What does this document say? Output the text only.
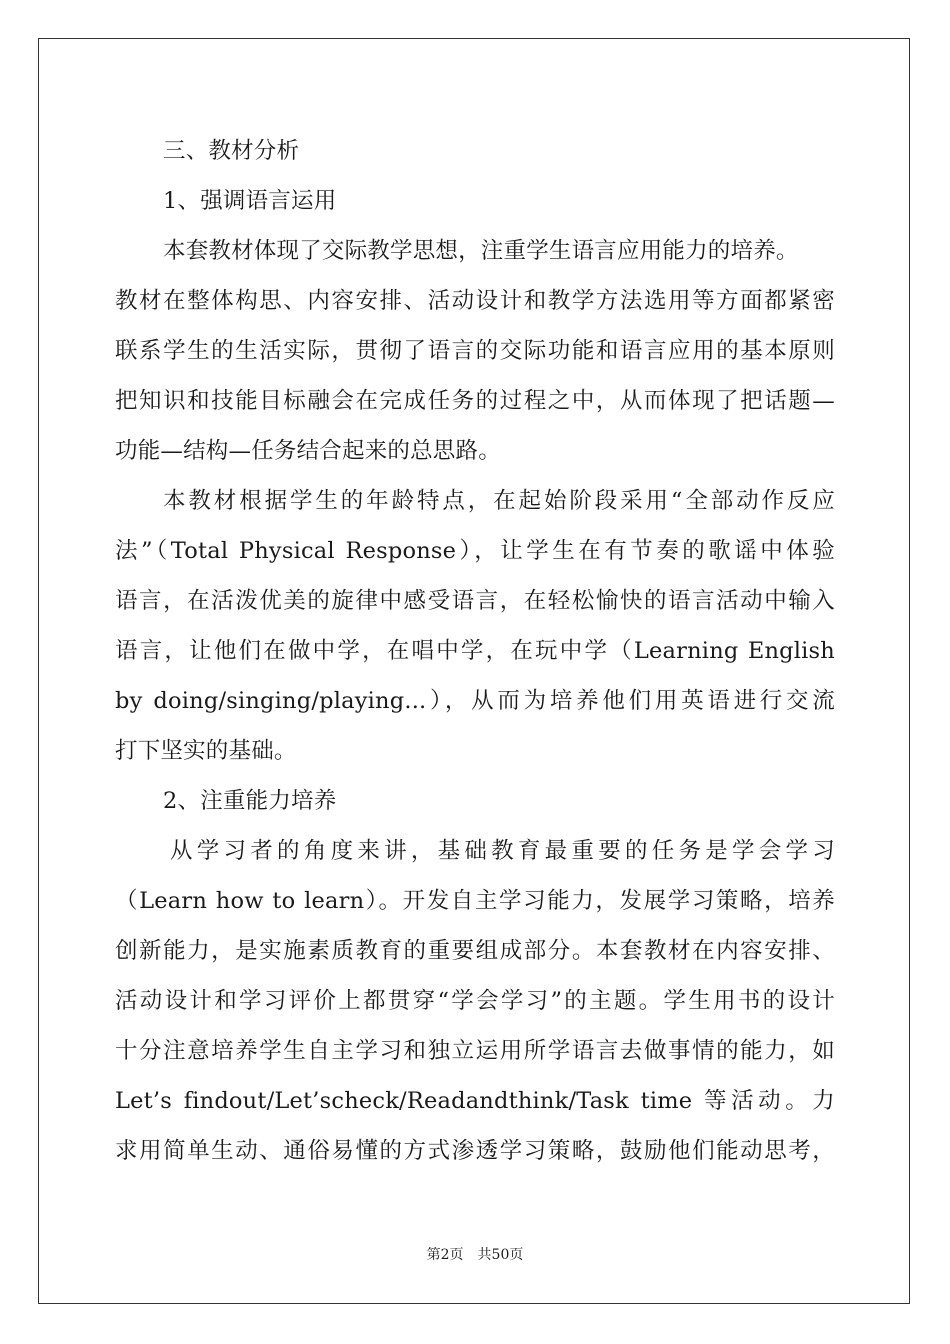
三、教材分析
1、强调语言运用
本套教材体现了交际教学思想，注重学生语言应用能力的培养。
教材在整体构思、内容安排、活动设计和教学方法选用等方面都紧密
联系学生的生活实际，贯彻了语言的交际功能和语言应用的基本原则
把知识和技能目标融会在完成任务的过程之中，从而体现了把话题—
功能—结构—任务结合起来的总思路。
本教材根据学生的年龄特点，在起始阶段采用“全部动作反应
法”（Total Physical Response），让学生在有节奏的歌谣中体验
语言，在活泼优美的旋律中感受语言，在轻松愉快的语言活动中输入
语言，让他们在做中学，在唱中学，在玩中学（Learning English
by doing/singing/playing...），从而为培养他们用英语进行交流
打下坚实的基础。
2、注重能力培养
从学习者的角度来讲，基础教育最重要的任务是学会学习
（Learn how to learn）。开发自主学习能力，发展学习策略，培养
创新能力，是实施素质教育的重要组成部分。本套教材在内容安排、
活动设计和学习评价上都贯穿“学会学习”的主题。学生用书的设计
十分注意培养学生自主学习和独立运用所学语言去做事情的能力，如
Let’s findout/Let’scheck/Readandthink/Task time 等活动。力
求用简单生动、通俗易懂的方式渗透学习策略，鼓励他们能动思考，
第2页　共50页
